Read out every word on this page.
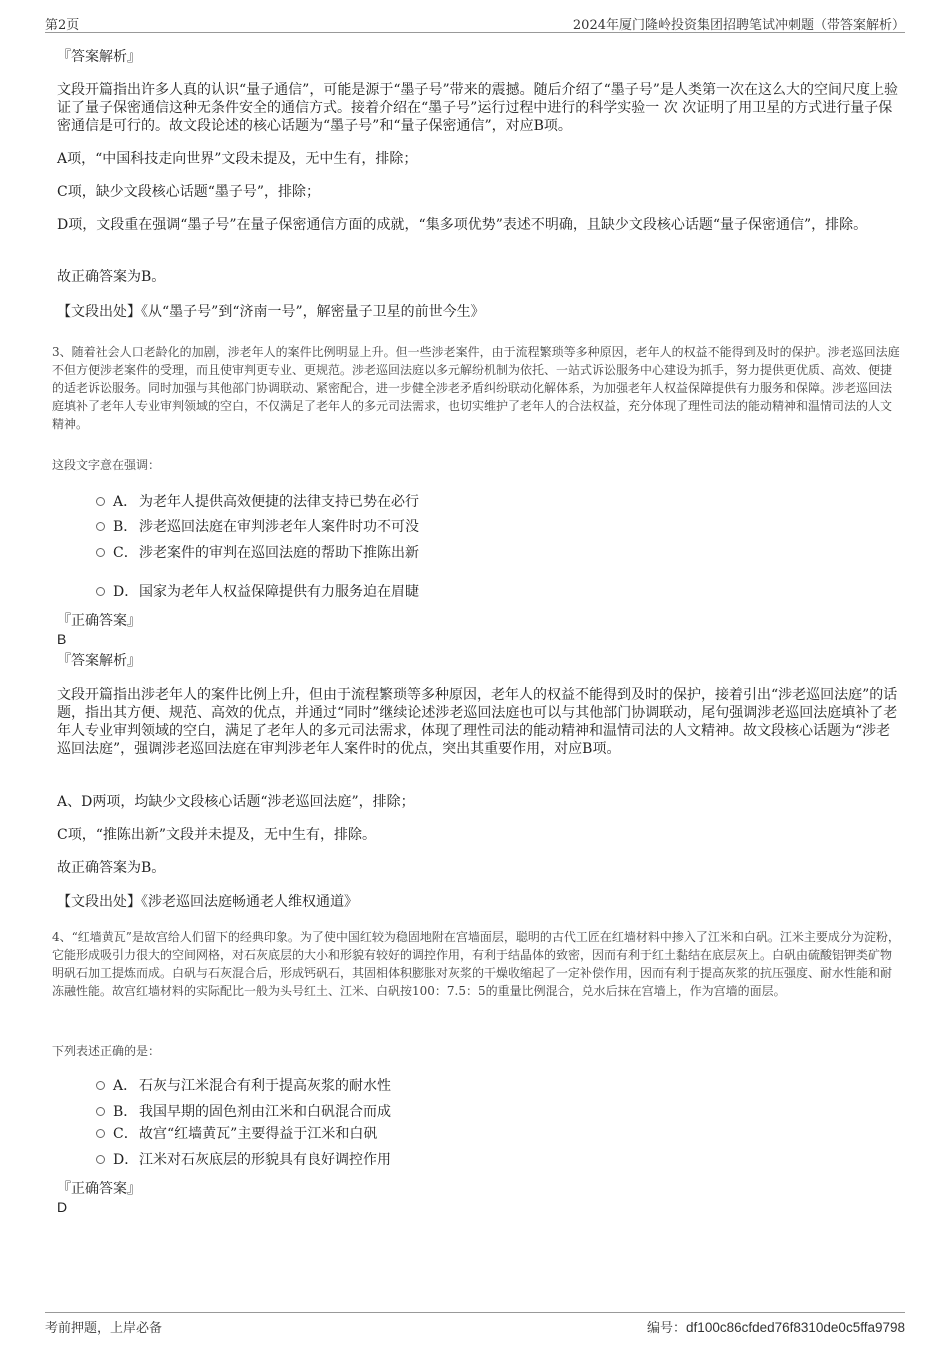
第2页	2024年厦门隆岭投资集团招聘笔试冲刺题（带答案解析）

『答案解析』

文段开篇指出许多人真的认识“量子通信”，可能是源于“墨子号”带来的震撼。随后介绍了“墨子号”是人类第一次在这么大的空间尺度上验证了量子保密通信这种无条件安全的通信方式。接着介绍在“墨子号”运行过程中进行的科学实验一 次 次证明了用卫星的方式进行量子保密通信是可行的。故文段论述的核心话题为“墨子号”和“量子保密通信”，对应B项。

A项，“中国科技走向世界”文段未提及，无中生有，排除；

C项，缺少文段核心话题“墨子号”，排除；

D项，文段重在强调“墨子号”在量子保密通信方面的成就，“集多项优势”表述不明确，且缺少文段核心话题“量子保密通信”，排除。

故正确答案为B。

【文段出处】《从“墨子号”到“济南一号”，解密量子卫星的前世今生》

3、随着社会人口老龄化的加剧，涉老年人的案件比例明显上升。但一些涉老案件，由于流程繁琐等多种原因，老年人的权益不能得到及时的保护。涉老巡回法庭不但方便涉老案件的受理，而且使审判更专业、更规范。涉老巡回法庭以多元解纷机制为依托、一站式诉讼服务中心建设为抓手，努力提供更优质、高效、便捷的适老诉讼服务。同时加强与其他部门协调联动、紧密配合，进一步健全涉老矛盾纠纷联动化解体系，为加强老年人权益保障提供有力服务和保障。涉老巡回法庭填补了老年人专业审判领域的空白，不仅满足了老年人的多元司法需求，也切实维护了老年人的合法权益，充分体现了理性司法的能动精神和温情司法的人文精神。

这段文字意在强调：

A． 为老年人提供高效便捷的法律支持已势在必行
B． 涉老巡回法庭在审判涉老年人案件时功不可没
C．涉老案件的审判在巡回法庭的帮助下推陈出新
D．国家为老年人权益保障提供有力服务迫在眉睫

『正确答案』

B

『答案解析』

文段开篇指出涉老年人的案件比例上升，但由于流程繁琐等多种原因，老年人的权益不能得到及时的保护，接着引出“涉老巡回法庭”的话题，指出其方便、规范、高效的优点，并通过“同时”继续论述涉老巡回法庭也可以与其他部门协调联动，尾句强调涉老巡回法庭填补了老年人专业审判领域的空白，满足了老年人的多元司法需求，体现了理性司法的能动精神和温情司法的人文精神。故文段核心话题为“涉老巡回法庭”，强调涉老巡回法庭在审判涉老年人案件时的优点，突出其重要作用，对应B项。

A、D两项，均缺少文段核心话题“涉老巡回法庭”，排除；

C项，“推陈出新”文段并未提及，无中生有，排除。

故正确答案为B。

【文段出处】《涉老巡回法庭畅通老人维权通道》

4、“红墙黄瓦”是故宫给人们留下的经典印象。为了使中国红较为稳固地附在宫墙面层，聪明的古代工匠在红墙材料中掺入了江米和白矾。江米主要成分为淀粉，它能形成吸引力很大的空间网格，对石灰底层的大小和形貌有较好的调控作用，有利于结晶体的致密，因而有利于红土黏结在底层灰上。白矾由硫酸铝钾类矿物明矾石加工提炼而成。白矾与石灰混合后，形成钙矾石，其固相体积膨胀对灰浆的干燥收缩起了一定补偿作用，因而有利于提高灰浆的抗压强度、耐水性能和耐冻融性能。故宫红墙材料的实际配比一般为头号红土、江米、白矾按100：7.5：5的重量比例混合，兑水后抹在宫墙上，作为宫墙的面层。

下列表述正确的是：

A． 石灰与江米混合有利于提高灰浆的耐水性
B． 我国早期的固色剂由江米和白矾混合而成
C．故宫“红墙黄瓦”主要得益于江米和白矾
D．江米对石灰底层的形貌具有良好调控作用

『正确答案』

D

考前押题，上岸必备	编号：df100c86cfded76f8310de0c5ffa9798
